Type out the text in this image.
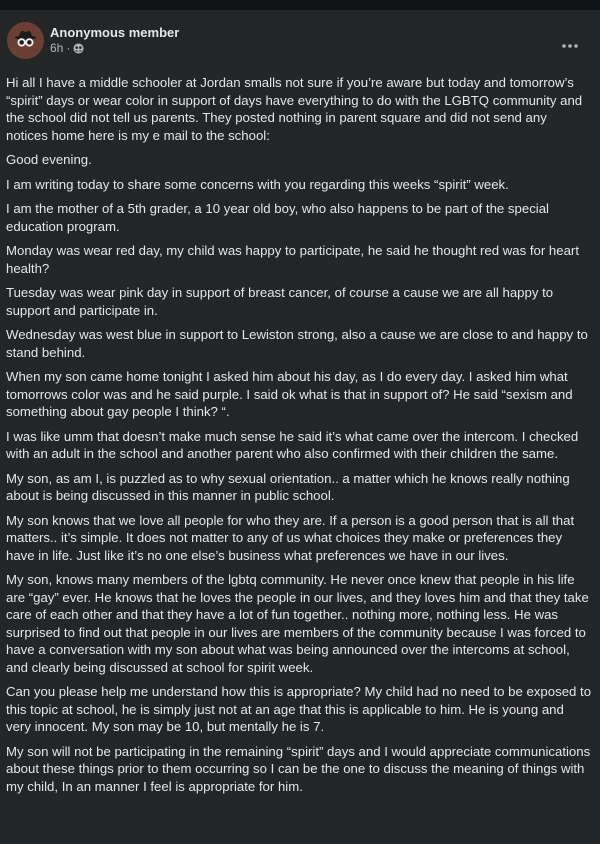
Anonymous member
6h ·

Hi all I have a middle schooler at Jordan smalls not sure if you’re aware but today and tomorrow’s “spirit” days or wear color in support of days have everything to do with the LGBTQ community and the school did not tell us parents. They posted nothing in parent square and did not send any notices home here is my e mail to the school:

Good evening.

I am writing today to share some concerns with you regarding this weeks “spirit” week.

I am the mother of a 5th grader, a 10 year old boy, who also happens to be part of the special education program.

Monday was wear red day, my child was happy to participate, he said he thought red was for heart health?

Tuesday was wear pink day in support of breast cancer, of course a cause we are all happy to support and participate in.

Wednesday was west blue in support to Lewiston strong, also a cause we are close to and happy to stand behind.

When my son came home tonight I asked him about his day, as I do every day. I asked him what tomorrows color was and he said purple. I said ok what is that in support of? He said “sexism and something about gay people I think? “.

I was like umm that doesn’t make much sense he said it’s what came over the intercom. I checked with an adult in the school and another parent who also confirmed with their children the same.

My son, as am I, is puzzled as to why sexual orientation.. a matter which he knows really nothing about is being discussed in this manner in public school.

My son knows that we love all people for who they are. If a person is a good person that is all that matters.. it’s simple. It does not matter to any of us what choices they make or preferences they have in life. Just like it’s no one else’s business what preferences we have in our lives.

My son, knows many members of the lgbtq community. He never once knew that people in his life are “gay” ever. He knows that he loves the people in our lives, and they loves him and that they take care of each other and that they have a lot of fun together.. nothing more, nothing less. He was surprised to find out that people in our lives are members of the community because I was forced to have a conversation with my son about what was being announced over the intercoms at school, and clearly being discussed at school for spirit week.

Can you please help me understand how this is appropriate? My child had no need to be exposed to this topic at school, he is simply just not at an age that this is applicable to him. He is young and very innocent. My son may be 10, but mentally he is 7.

My son will not be participating in the remaining “spirit” days and I would appreciate communications about these things prior to them occurring so I can be the one to discuss the meaning of things with my child, In an manner I feel is appropriate for him.
